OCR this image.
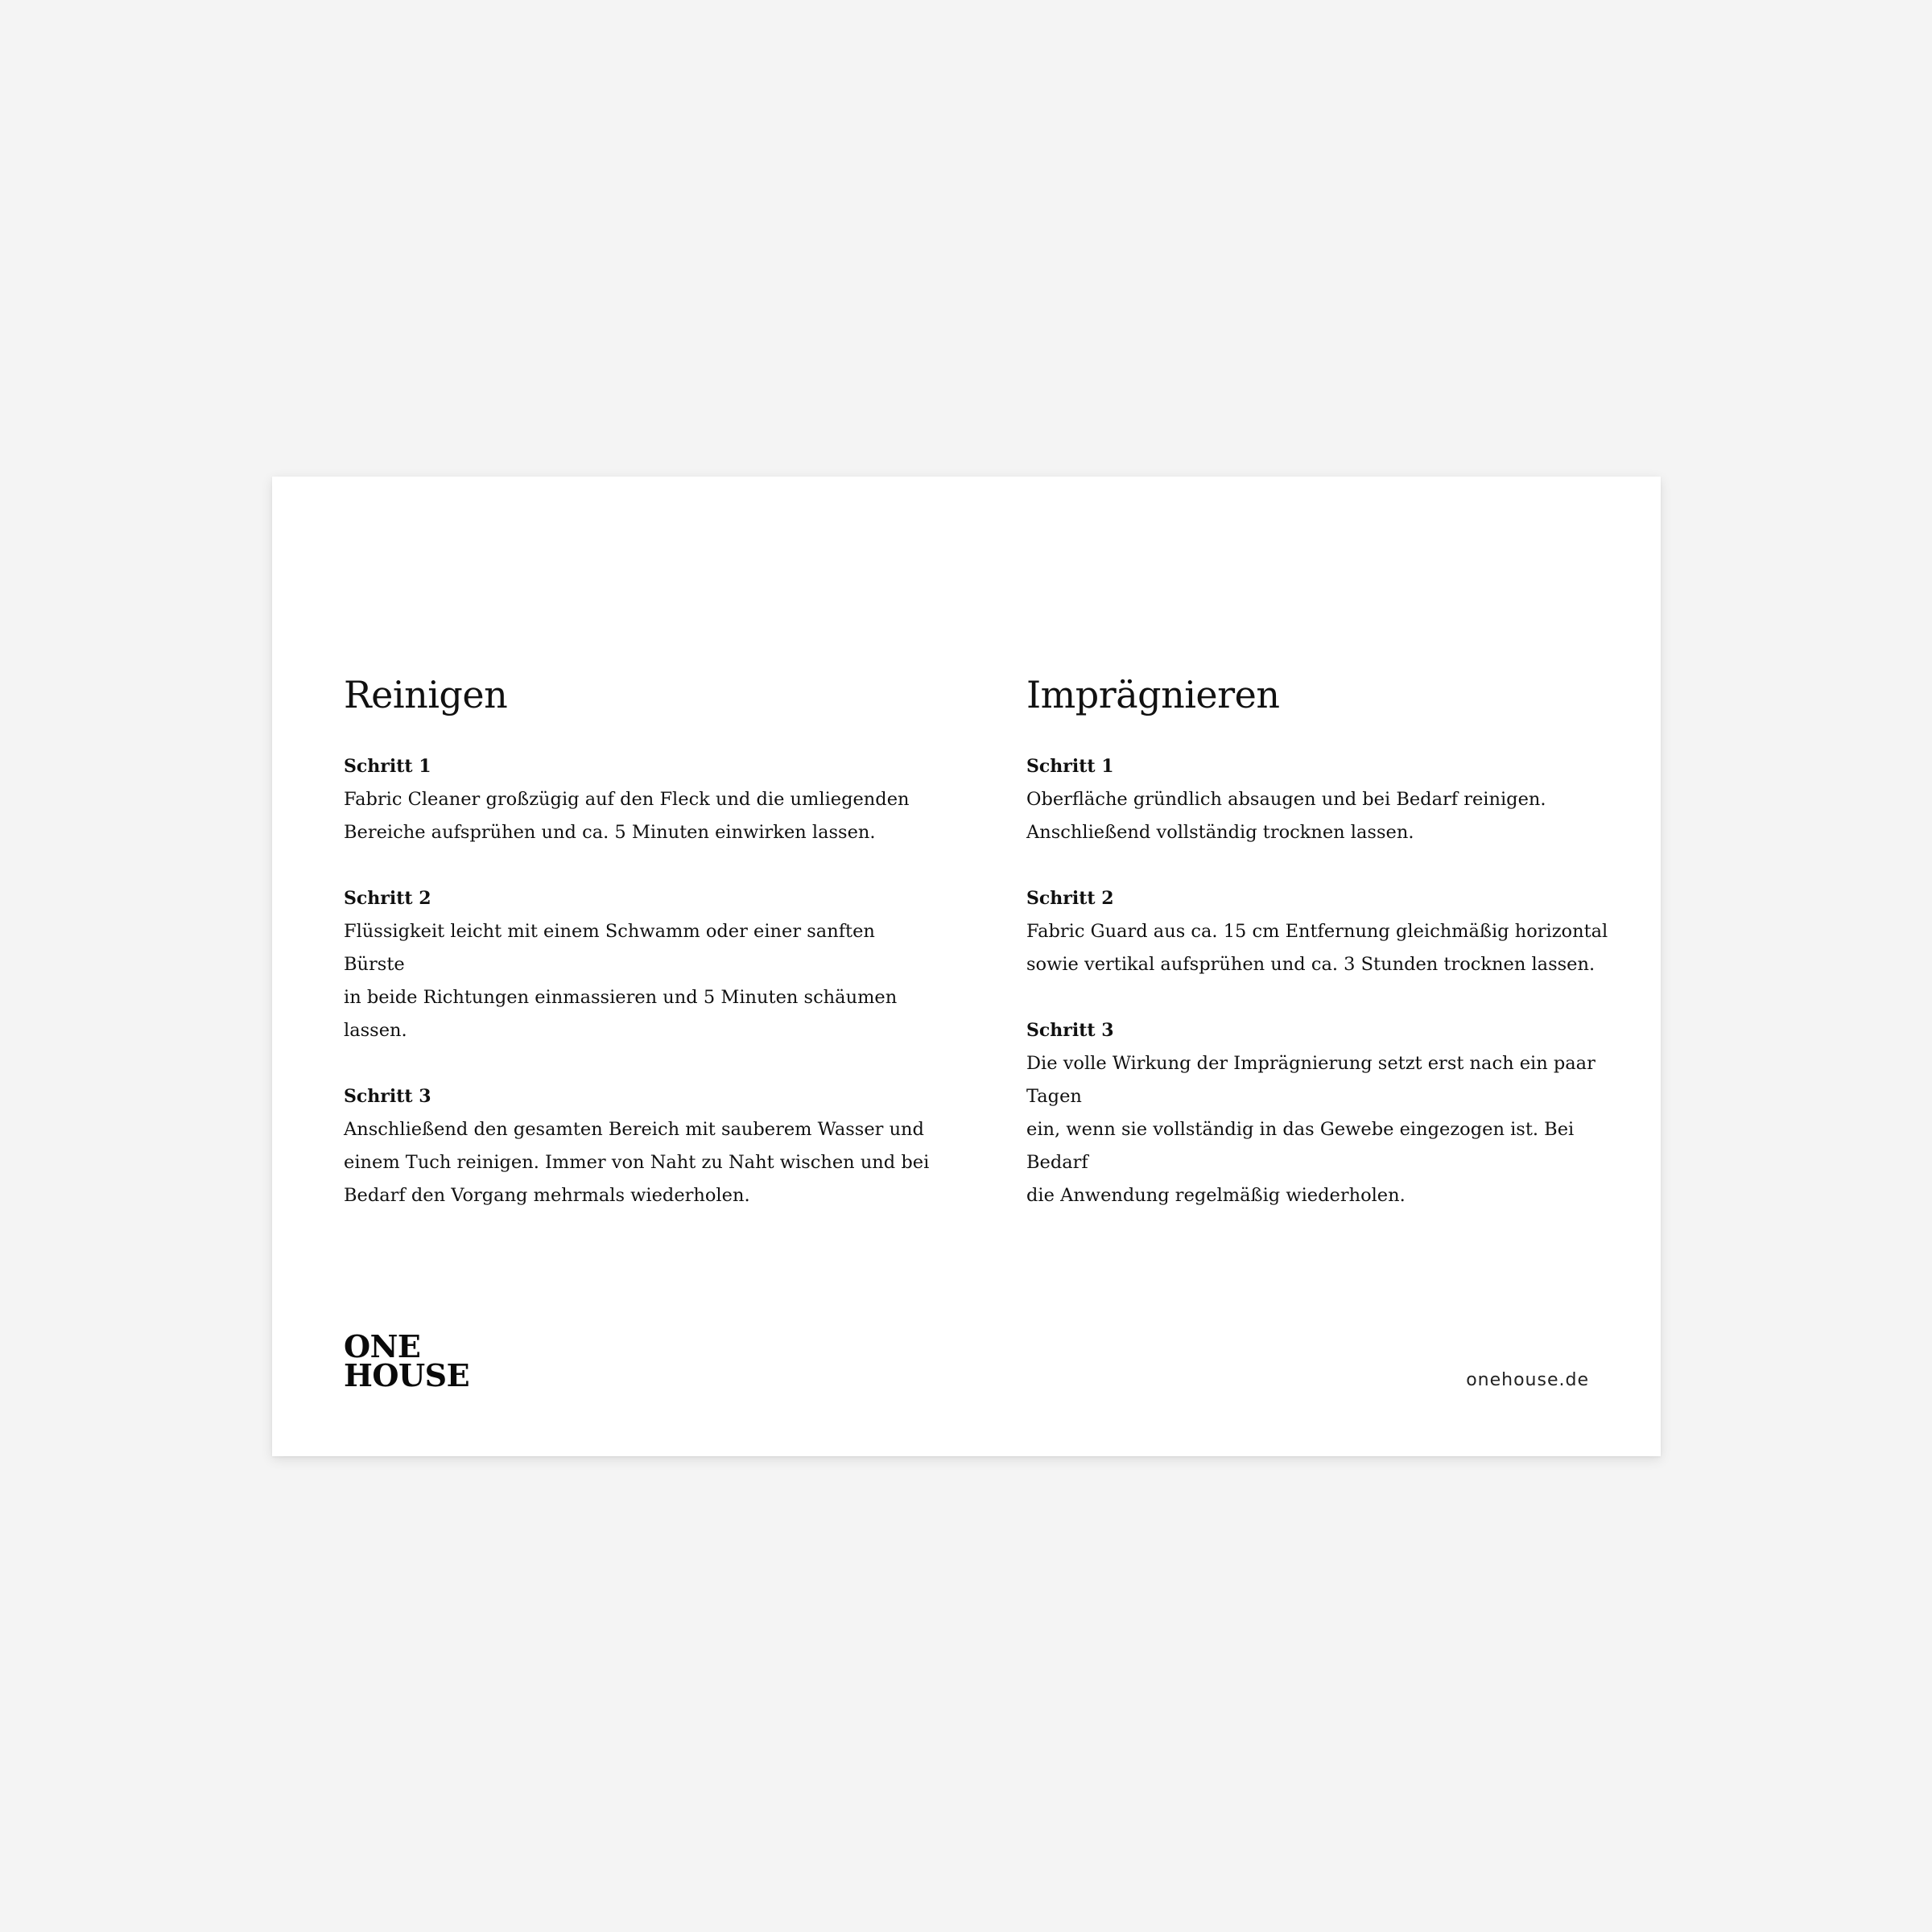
Reinigen
Schritt 1

Fabric Cleaner großzügig auf den Fleck und die umliegenden
Bereiche aufsprühen und ca. 5 Minuten einwirken lassen.

Schritt 2

Flüssigkeit leicht mit einem Schwamm oder einer sanften Bürste
in beide Richtungen einmassieren und 5 Minuten schäumen lassen.

Schritt 3

Anschließend den gesamten Bereich mit sauberem Wasser und
einem Tuch reinigen. Immer von Naht zu Naht wischen und bei
Bedarf den Vorgang mehrmals wiederholen.

Imprägnieren
Schritt 1

Oberfläche gründlich absaugen und bei Bedarf reinigen.
Anschließend vollständig trocknen lassen.

Schritt 2

Fabric Guard aus ca. 15 cm Entfernung gleichmäßig horizontal
sowie vertikal aufsprühen und ca. 3 Stunden trocknen lassen.

Schritt 3

Die volle Wirkung der Imprägnierung setzt erst nach ein paar Tagen
ein, wenn sie vollständig in das Gewebe eingezogen ist. Bei Bedarf
die Anwendung regelmäßig wiederholen.

ONE
HOUSE	onehouse.de
